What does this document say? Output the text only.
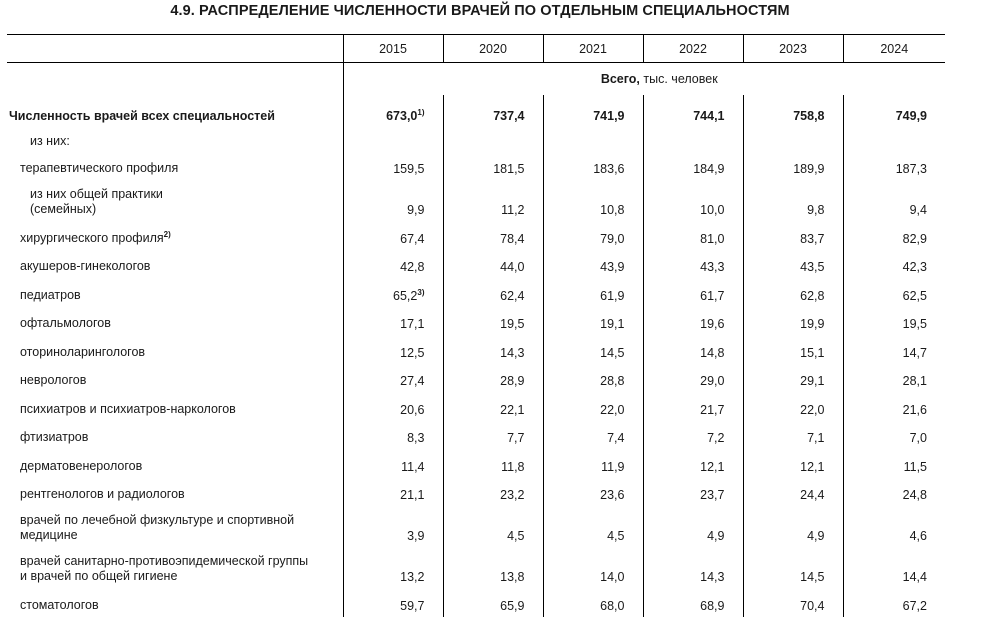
4.9. РАСПРЕДЕЛЕНИЕ ЧИСЛЕННОСТИ ВРАЧЕЙ ПО ОТДЕЛЬНЫМ СПЕЦИАЛЬНОСТЯМ
	2015	2020	2021	2022	2023	2024
	Всего, тыс. человек					
Численность врачей всех специальностей	673,0$^{1)}$	737,4	741,9	744,1	758,8	749,9
из них:						
терапевтического профиля	159,5	181,5	183,6	184,9	189,9	187,3
из них общей практики
(семейных)	9,9	11,2	10,8	10,0	9,8	9,4
хирургического профиля$^{2)}$	67,4	78,4	79,0	81,0	83,7	82,9
акушеров-гинекологов	42,8	44,0	43,9	43,3	43,5	42,3
педиатров	65,2$^{3)}$	62,4	61,9	61,7	62,8	62,5
офтальмологов	17,1	19,5	19,1	19,6	19,9	19,5
оториноларингологов	12,5	14,3	14,5	14,8	15,1	14,7
неврологов	27,4	28,9	28,8	29,0	29,1	28,1
психиатров и психиатров-наркологов	20,6	22,1	22,0	21,7	22,0	21,6
фтизиатров	8,3	7,7	7,4	7,2	7,1	7,0
дерматовенерологов	11,4	11,8	11,9	12,1	12,1	11,5
рентгенологов и радиологов	21,1	23,2	23,6	23,7	24,4	24,8
врачей по лечебной физкультуре и спортивной
медицине	3,9	4,5	4,5	4,9	4,9	4,6
врачей санитарно-противоэпидемической группы
и врачей по общей гигиене	13,2	13,8	14,0	14,3	14,5	14,4
стоматологов	59,7	65,9	68,0	68,9	70,4	67,2
